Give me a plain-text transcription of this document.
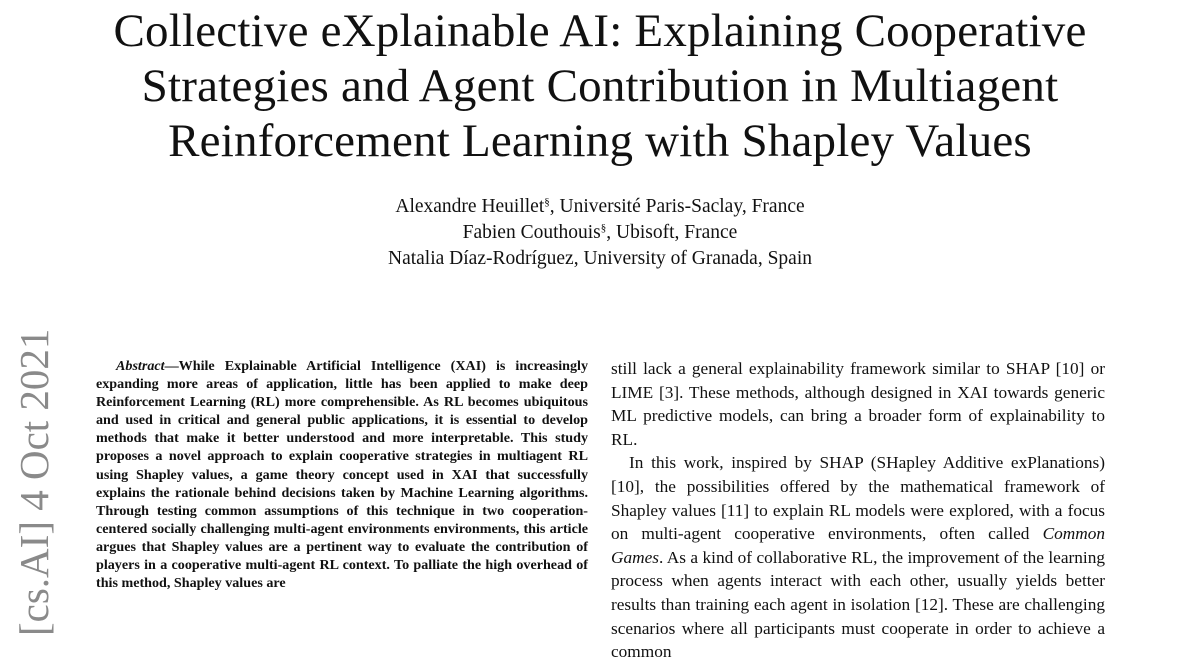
Collective eXplainable AI: Explaining Cooperative
Strategies and Agent Contribution in Multiagent
Reinforcement Learning with Shapley Values
Alexandre Heuillet§, Université Paris-Saclay, France
Fabien Couthouis§, Ubisoft, France
Natalia Díaz-Rodríguez, University of Granada, Spain
[cs.AI] 4 Oct 2021	Abstract—While Explainable Artificial Intelligence (XAI) is increasingly expanding more areas of application, little has been applied to make deep Reinforcement Learning (RL) more comprehensible. As RL becomes ubiquitous and used in critical and general public applications, it is essential to develop methods that make it better understood and more interpretable. This study proposes a novel approach to explain cooperative strategies in multiagent RL using Shapley values, a game theory concept used in XAI that successfully explains the rationale behind decisions taken by Machine Learning algorithms. Through testing common assumptions of this technique in two cooperation-centered socially challenging multi-agent environments environments, this article argues that Shapley values are a pertinent way to evaluate the contribution of players in a cooperative multi-agent RL context. To palliate the high overhead of this method, Shapley values are

still lack a general explainability framework similar to SHAP [10] or LIME [3]. These methods, although designed in XAI towards generic ML predictive models, can bring a broader form of explainability to RL.

In this work, inspired by SHAP (SHapley Additive exPlanations) [10], the possibilities offered by the mathematical framework of Shapley values [11] to explain RL models were explored, with a focus on multi-agent cooperative environments, often called Common Games. As a kind of collaborative RL, the improvement of the learning process when agents interact with each other, usually yields better results than training each agent in isolation [12]. These are challenging scenarios where all participants must cooperate in order to achieve a common
